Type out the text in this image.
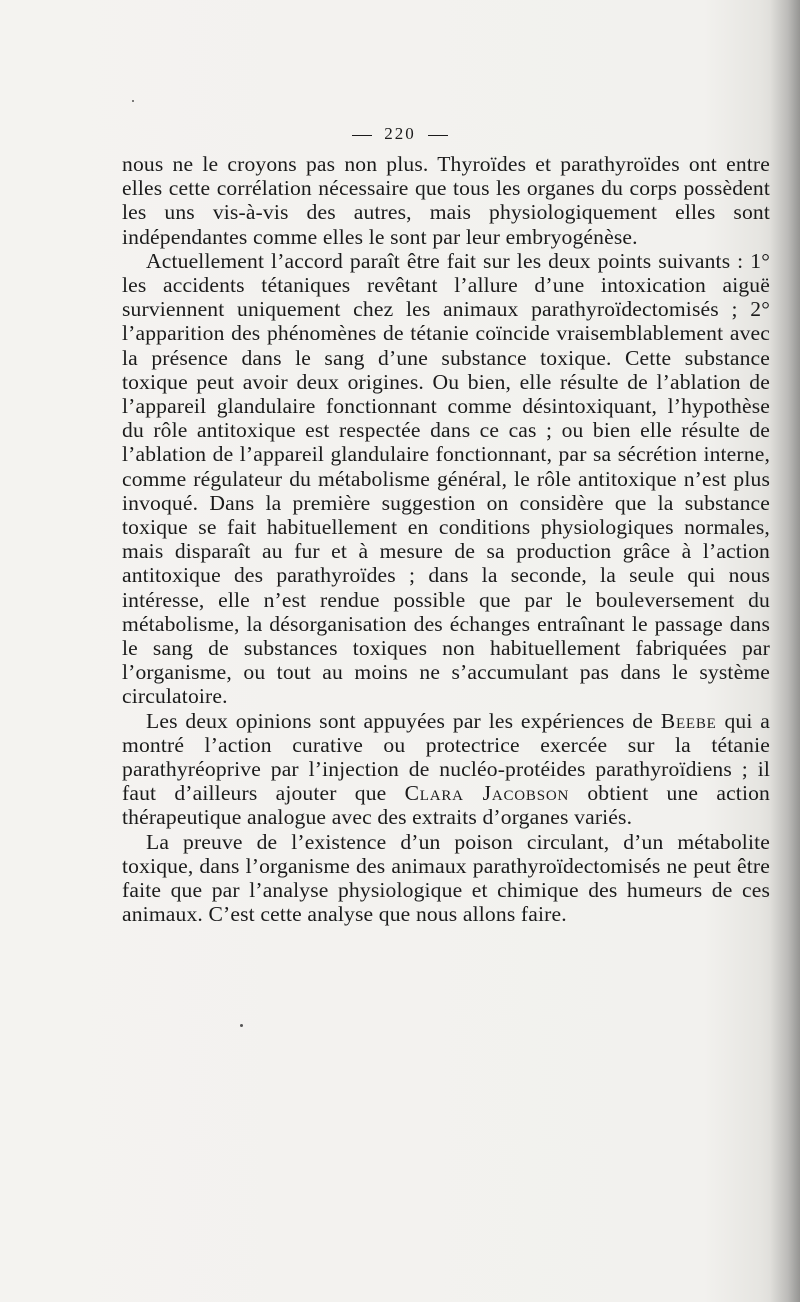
220

nous ne le croyons pas non plus. Thyroïdes et parathyroïdes ont entre elles cette corrélation nécessaire que tous les organes du corps possèdent les uns vis-à-vis des autres, mais physiologiquement elles sont indépendantes comme elles le sont par leur embryogénèse.

Actuellement l’accord paraît être fait sur les deux points suivants : 1° les accidents tétaniques revêtant l’allure d’une intoxication aiguë surviennent uniquement chez les animaux parathyroïdectomisés ; 2° l’apparition des phénomènes de tétanie coïncide vraisemblablement avec la présence dans le sang d’une substance toxique. Cette substance toxique peut avoir deux origines. Ou bien, elle résulte de l’ablation de l’appareil glandulaire fonctionnant comme désintoxiquant, l’hypothèse du rôle antitoxique est respectée dans ce cas ; ou bien elle résulte de l’ablation de l’appareil glandulaire fonctionnant, par sa sécrétion interne, comme régulateur du métabolisme général, le rôle antitoxique n’est plus invoqué. Dans la première suggestion on considère que la substance toxique se fait habituellement en conditions physiologiques normales, mais disparaît au fur et à mesure de sa production grâce à l’action antitoxique des parathyroïdes ; dans la seconde, la seule qui nous intéresse, elle n’est rendue possible que par le bouleversement du métabolisme, la désorganisation des échanges entraînant le passage dans le sang de substances toxiques non habituellement fabriquées par l’organisme, ou tout au moins ne s’accumulant pas dans le système circulatoire.

Les deux opinions sont appuyées par les expériences de Beebe qui a montré l’action curative ou protectrice exercée sur la tétanie parathyréoprive par l’injection de nucléo-protéides parathyroïdiens ; il faut d’ailleurs ajouter que Clara Jacobson obtient une action thérapeutique analogue avec des extraits d’organes variés.

La preuve de l’existence d’un poison circulant, d’un métabolite toxique, dans l’organisme des animaux parathyroïdectomisés ne peut être faite que par l’analyse physiologique et chimique des humeurs de ces animaux. C’est cette analyse que nous allons faire.
